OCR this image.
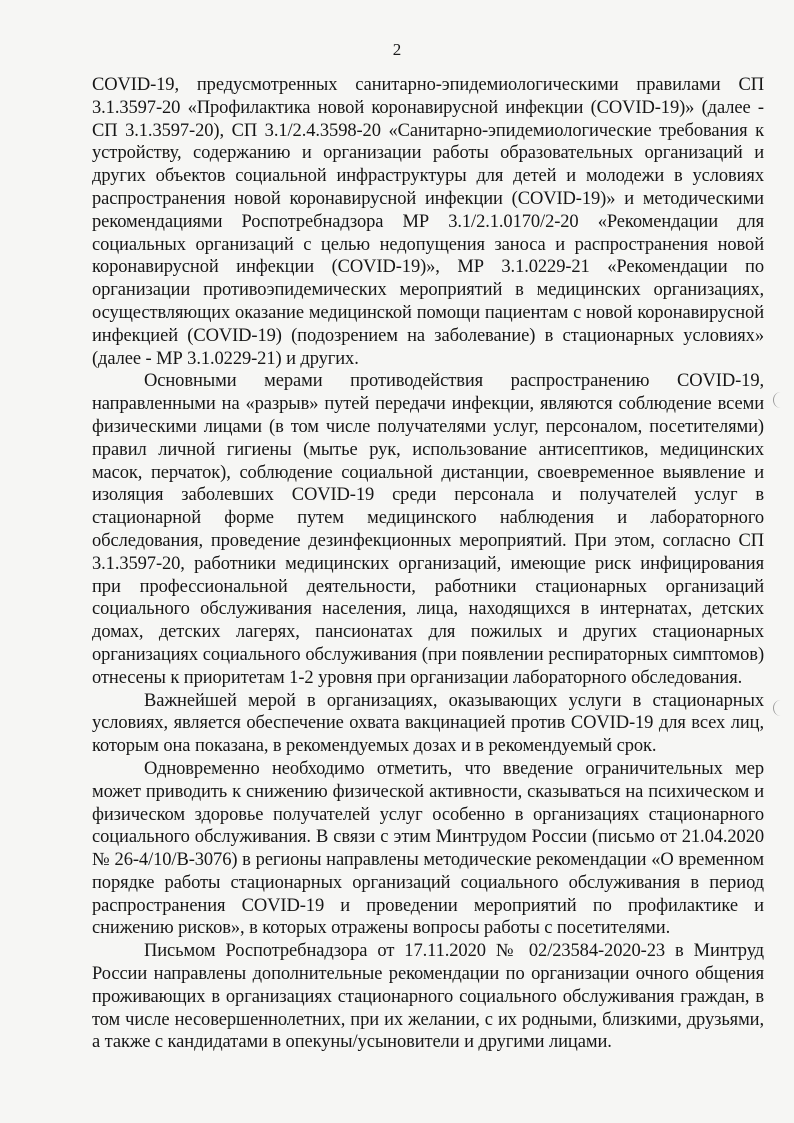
2

COVID-19, предусмотренных санитарно-эпидемиологическими правилами СП 3.1.3597-20 «Профилактика новой коронавирусной инфекции (COVID-19)» (далее - СП 3.1.3597-20), СП 3.1/2.4.3598-20 «Санитарно-эпидемиологические требования к устройству, содержанию и организации работы образовательных организаций и других объектов социальной инфраструктуры для детей и молодежи в условиях распространения новой коронавирусной инфекции (COVID-19)» и методическими рекомендациями Роспотребнадзора МР 3.1/2.1.0170/2-20 «Рекомендации для социальных организаций с целью недопущения заноса и распространения новой коронавирусной инфекции (COVID-19)», МР 3.1.0229-21 «Рекомендации по организации противоэпидемических мероприятий в медицинских организациях, осуществляющих оказание медицинской помощи пациентам с новой коронавирусной инфекцией (COVID-19) (подозрением на заболевание) в стационарных условиях» (далее - МР 3.1.0229-21) и других.

Основными мерами противодействия распространению COVID-19, направленными на «разрыв» путей передачи инфекции, являются соблюдение всеми физическими лицами (в том числе получателями услуг, персоналом, посетителями) правил личной гигиены (мытье рук, использование антисептиков, медицинских масок, перчаток), соблюдение социальной дистанции, своевременное выявление и изоляция заболевших COVID-19 среди персонала и получателей услуг в стационарной форме путем медицинского наблюдения и лабораторного обследования, проведение дезинфекционных мероприятий. При этом, согласно СП 3.1.3597-20, работники медицинских организаций, имеющие риск инфицирования при профессиональной деятельности, работники стационарных организаций социального обслуживания населения, лица, находящихся в интернатах, детских домах, детских лагерях, пансионатах для пожилых и других стационарных организациях социального обслуживания (при появлении респираторных симптомов) отнесены к приоритетам 1-2 уровня при организации лабораторного обследования.

Важнейшей мерой в организациях, оказывающих услуги в стационарных условиях, является обеспечение охвата вакцинацией против COVID-19 для всех лиц, которым она показана, в рекомендуемых дозах и в рекомендуемый срок.

Одновременно необходимо отметить, что введение ограничительных мер может приводить к снижению физической активности, сказываться на психическом и физическом здоровье получателей услуг особенно в организациях стационарного социального обслуживания. В связи с этим Минтрудом России (письмо от 21.04.2020 № 26-4/10/В-3076) в регионы направлены методические рекомендации «О временном порядке работы стационарных организаций социального обслуживания в период распространения COVID-19 и проведении мероприятий по профилактике и снижению рисков», в которых отражены вопросы работы с посетителями.

Письмом Роспотребнадзора от 17.11.2020 № 02/23584-2020-23 в Минтруд России направлены дополнительные рекомендации по организации очного общения проживающих в организациях стационарного социального обслуживания граждан, в том числе несовершеннолетних, при их желании, с их родными, близкими, друзьями, а также с кандидатами в опекуны/усыновители и другими лицами.
